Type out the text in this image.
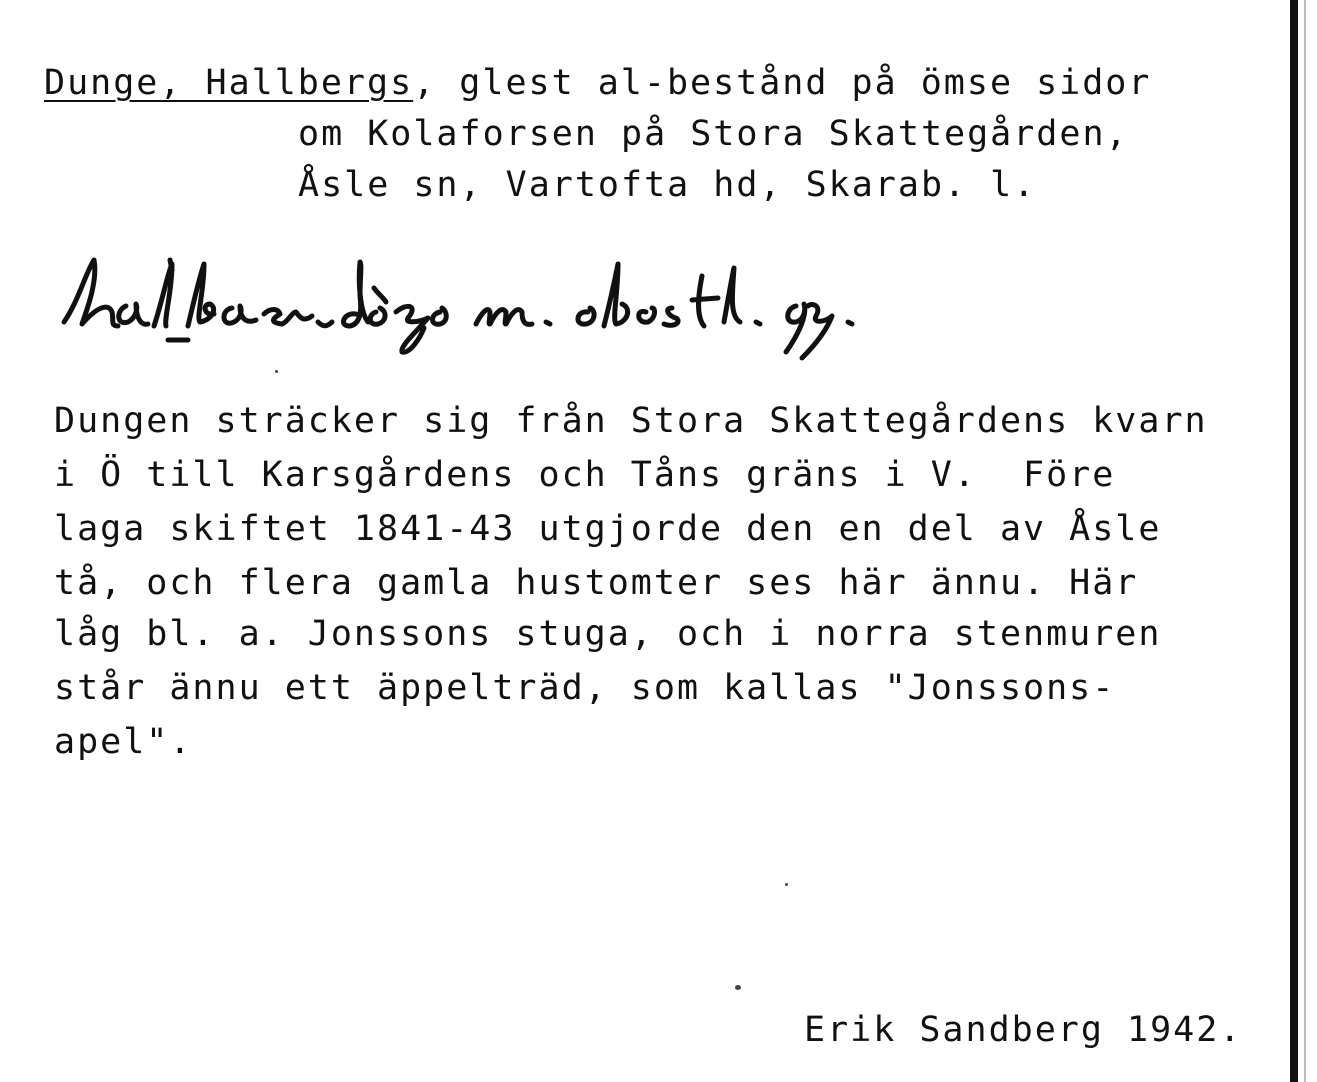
Dunge, Hallbergs, glest al-bestånd på ömse sidor
om Kolaforsen på Stora Skattegården,
Åsle sn, Vartofta hd, Skarab. l.
Dungen sträcker sig från Stora Skattegårdens kvarn
i Ö till Karsgårdens och Tåns gräns i V.  Före
laga skiftet 1841-43 utgjorde den en del av Åsle
tå, och flera gamla hustomter ses här ännu. Här
låg bl. a. Jonssons stuga, och i norra stenmuren
står ännu ett äppelträd, som kallas "Jonssons-
apel".
Erik Sandberg 1942.
